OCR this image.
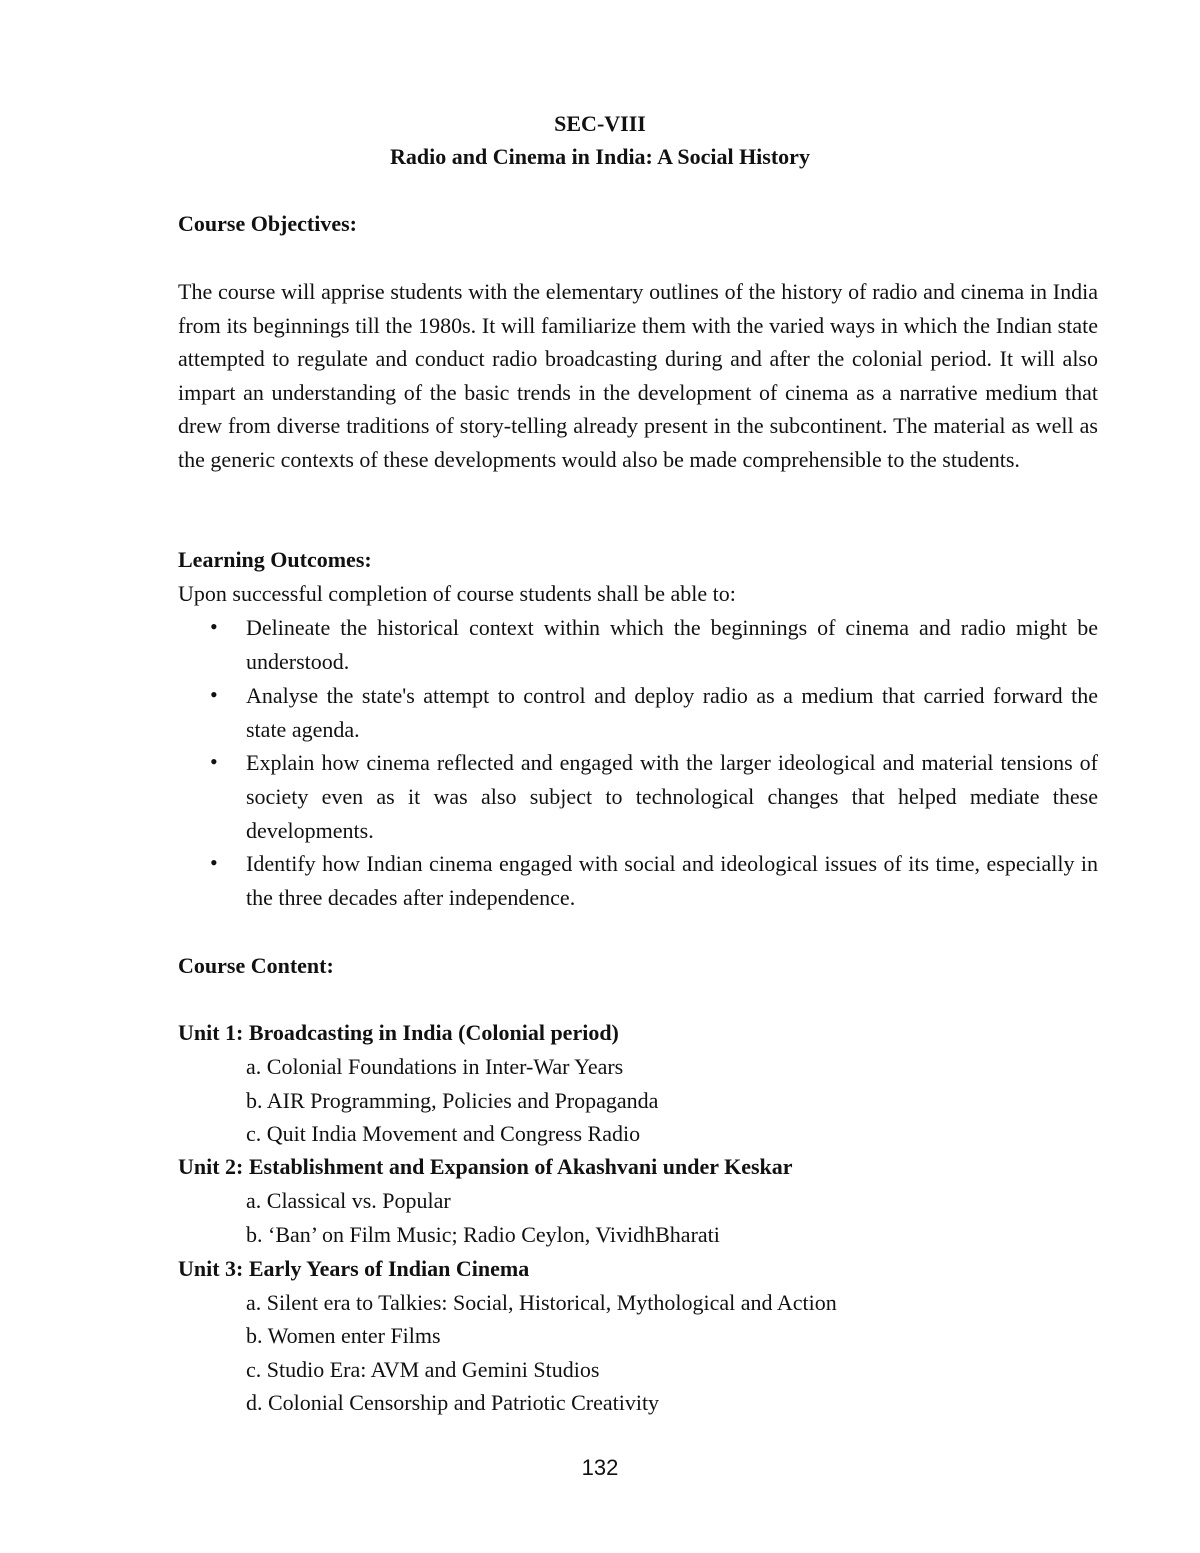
SEC-VIII
Radio and Cinema in India: A Social History
Course Objectives:
The course will apprise students with the elementary outlines of the history of radio and cinema in India from its beginnings till the 1980s. It will familiarize them with the varied ways in which the Indian state attempted to regulate and conduct radio broadcasting during and after the colonial period. It will also impart an understanding of the basic trends in the development of cinema as a narrative medium that drew from diverse traditions of story-telling already present in the subcontinent. The material as well as the generic contexts of these developments would also be made comprehensible to the students.
Learning Outcomes:
Upon successful completion of course students shall be able to:
• Delineate the historical context within which the beginnings of cinema and radio might be understood.
• Analyse the state's attempt to control and deploy radio as a medium that carried forward the state agenda.
• Explain how cinema reflected and engaged with the larger ideological and material tensions of society even as it was also subject to technological changes that helped mediate these developments.
• Identify how Indian cinema engaged with social and ideological issues of its time, especially in the three decades after independence.
Course Content:
Unit 1: Broadcasting in India (Colonial period)
a. Colonial Foundations in Inter-War Years
b. AIR Programming, Policies and Propaganda
c. Quit India Movement and Congress Radio
Unit 2: Establishment and Expansion of Akashvani under Keskar
a. Classical vs. Popular
b. ‘Ban’ on Film Music; Radio Ceylon, VividhBharati
Unit 3: Early Years of Indian Cinema
a. Silent era to Talkies: Social, Historical, Mythological and Action
b. Women enter Films
c. Studio Era: AVM and Gemini Studios
d. Colonial Censorship and Patriotic Creativity
132
